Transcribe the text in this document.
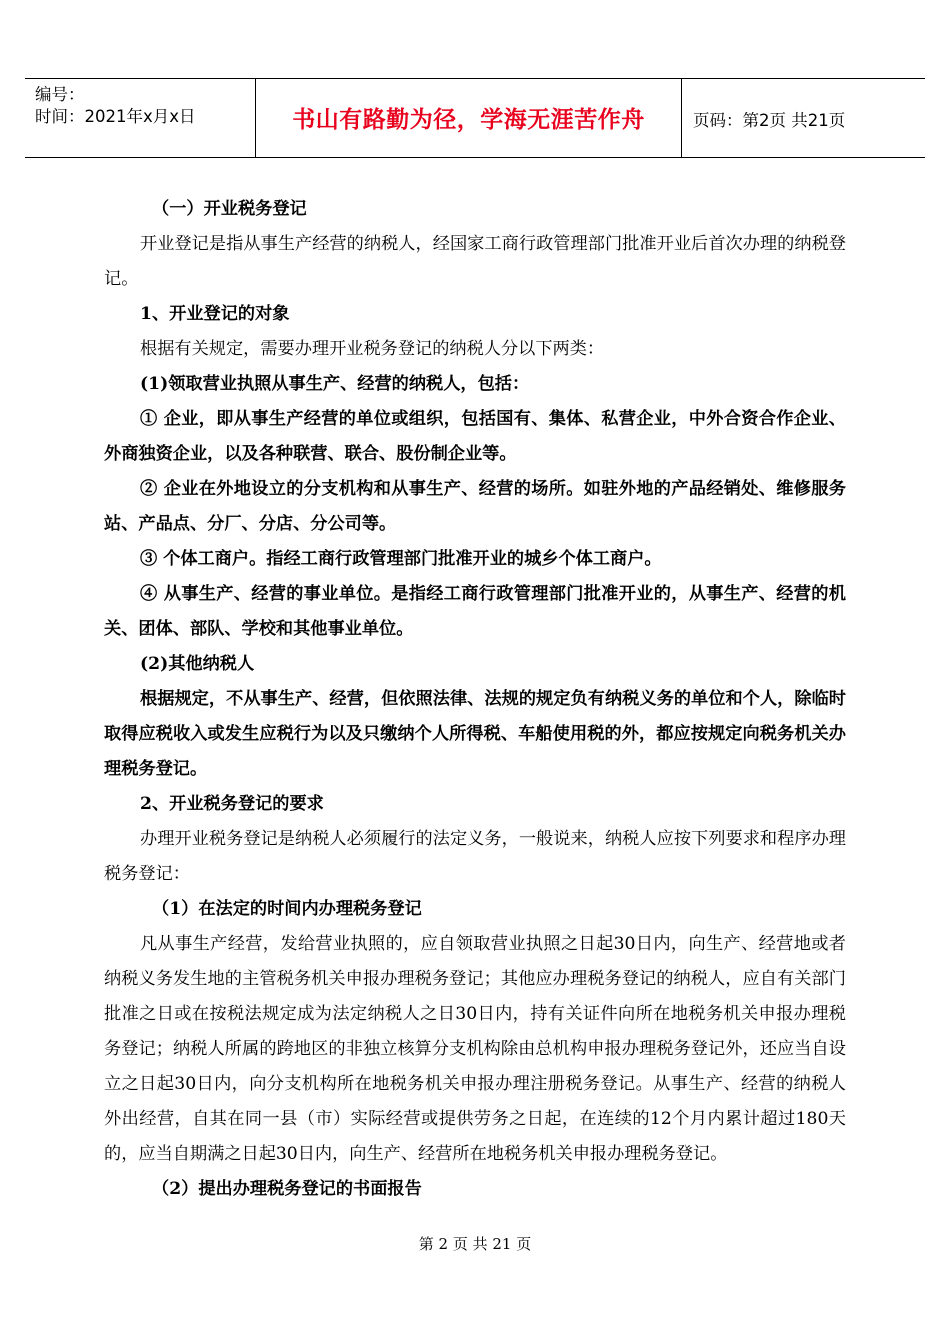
编号：
时间：2021年x月x日	书山有路勤为径，学海无涯苦作舟	页码：第2页 共21页

（一）开业税务登记

开业登记是指从事生产经营的纳税人，经国家工商行政管理部门批准开业后首次办理的纳税登记。

1、开业登记的对象

根据有关规定，需要办理开业税务登记的纳税人分以下两类：

(1)领取营业执照从事生产、经营的纳税人，包括：

① 企业，即从事生产经营的单位或组织，包括国有、集体、私营企业，中外合资合作企业、外商独资企业，以及各种联营、联合、股份制企业等。

② 企业在外地设立的分支机构和从事生产、经营的场所。如驻外地的产品经销处、维修服务站、产品点、分厂、分店、分公司等。

③ 个体工商户。指经工商行政管理部门批准开业的城乡个体工商户。

④ 从事生产、经营的事业单位。是指经工商行政管理部门批准开业的，从事生产、经营的机关、团体、部队、学校和其他事业单位。

(2)其他纳税人

根据规定，不从事生产、经营，但依照法律、法规的规定负有纳税义务的单位和个人，除临时取得应税收入或发生应税行为以及只缴纳个人所得税、车船使用税的外，都应按规定向税务机关办理税务登记。

2、开业税务登记的要求

办理开业税务登记是纳税人必须履行的法定义务，一般说来，纳税人应按下列要求和程序办理税务登记：

（1）在法定的时间内办理税务登记

凡从事生产经营，发给营业执照的，应自领取营业执照之日起30日内，向生产、经营地或者纳税义务发生地的主管税务机关申报办理税务登记；其他应办理税务登记的纳税人，应自有关部门批准之日或在按税法规定成为法定纳税人之日30日内，持有关证件向所在地税务机关申报办理税务登记；纳税人所属的跨地区的非独立核算分支机构除由总机构申报办理税务登记外，还应当自设立之日起30日内，向分支机构所在地税务机关申报办理注册税务登记。从事生产、经营的纳税人外出经营，自其在同一县（市）实际经营或提供劳务之日起，在连续的12个月内累计超过180天的，应当自期满之日起30日内，向生产、经营所在地税务机关申报办理税务登记。

（2）提出办理税务登记的书面报告

第 2 页 共 21 页
